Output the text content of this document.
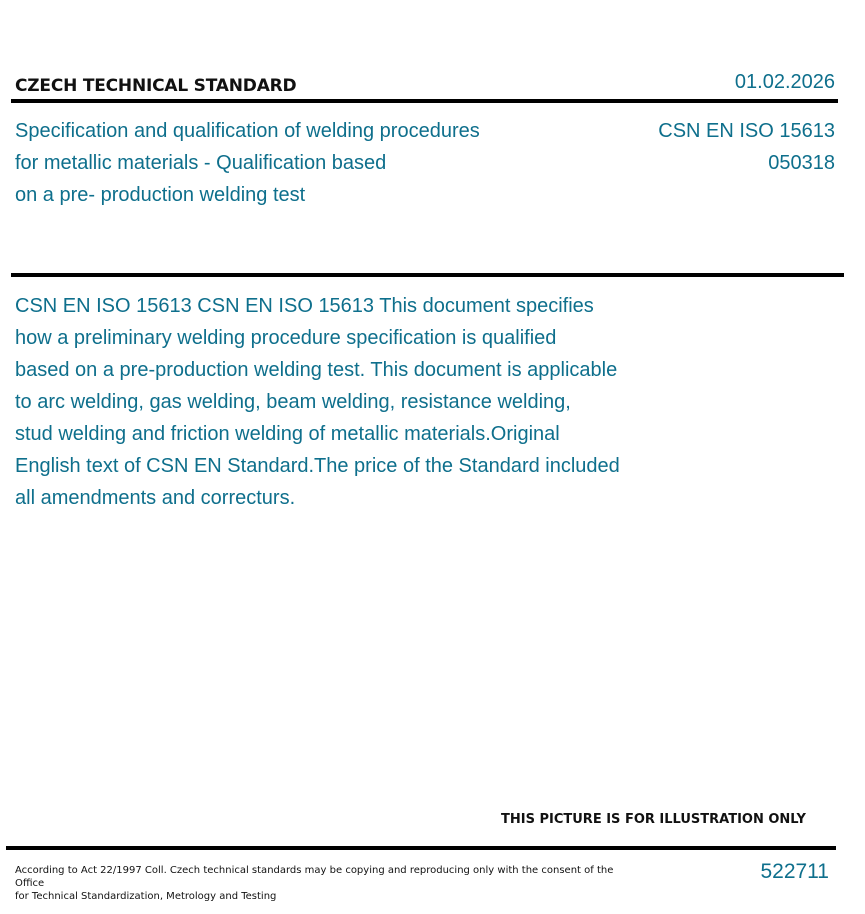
CZECH TECHNICAL STANDARD	01.02.2026
Specification and qualification of welding procedures
for metallic materials - Qualification based
on a pre- production welding test
CSN EN ISO 15613
050318
CSN EN ISO 15613 CSN EN ISO 15613 This document specifies
how a preliminary welding procedure specification is qualified
based on a pre-production welding test. This document is applicable
to arc welding, gas welding, beam welding, resistance welding,
stud welding and friction welding of metallic materials.Original
English text of CSN EN Standard.The price of the Standard included
all amendments and correcturs.
THIS PICTURE IS FOR ILLUSTRATION ONLY
According to Act 22/1997 Coll. Czech technical standards may be copying and reproducing only with the consent of the Office
for Technical Standardization, Metrology and Testing
522711
